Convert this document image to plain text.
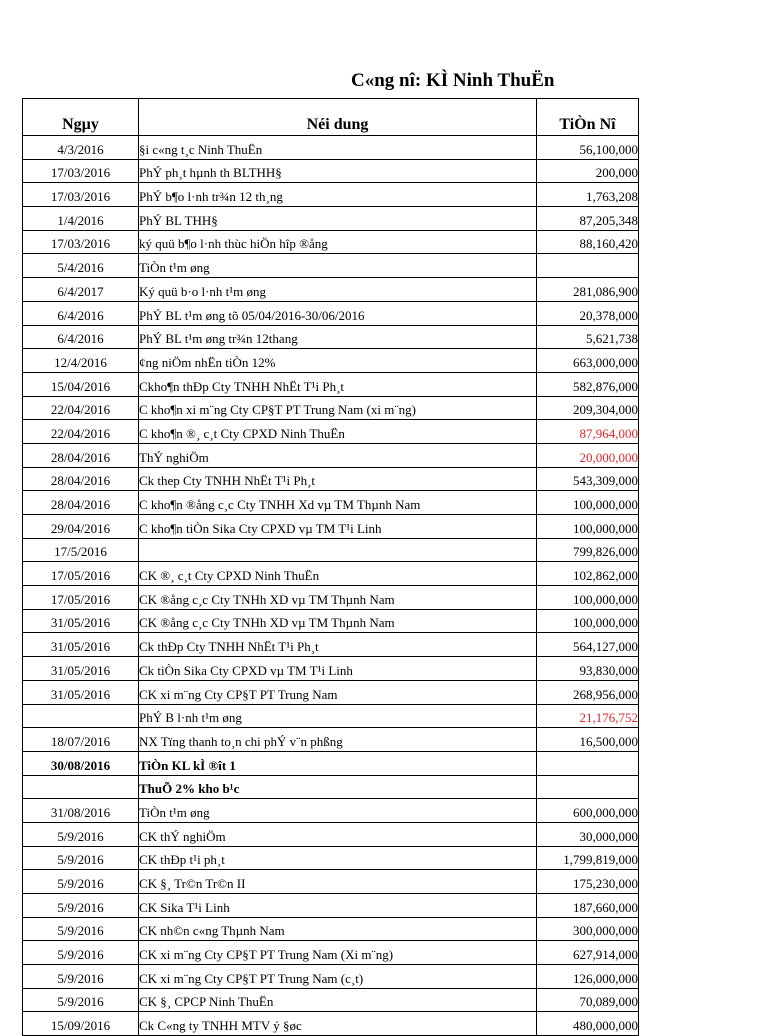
C«ng nî: KÌ Ninh ThuËn
Ngµy	Néi dung	TiÒn Nî
4/3/2016	§i c«ng t¸c Ninh ThuËn	56,100,000
17/03/2016	PhÝ ph¸t hµnh th BLTHH§	200,000
17/03/2016	PhÝ b¶o l·nh tr¾n 12 th¸ng	1,763,208
1/4/2016	PhÝ BL THH§	87,205,348
17/03/2016	ký quü b¶o l·nh thùc hiÖn hîp ®ång	88,160,420
5/4/2016	TiÒn t¹m øng	
6/4/2017	Ký quü b·o l·nh t¹m øng	281,086,900
6/4/2016	PhÝ BL t¹m øng tõ 05/04/2016-30/06/2016	20,378,000
6/4/2016	PhÝ BL t¹m øng tr¾n 12thang	5,621,738
12/4/2016	¢ng niÖm nhËn tiÒn 12%	663,000,000
15/04/2016	Ckho¶n thÐp Cty TNHH NhËt T¹i Ph¸t	582,876,000
22/04/2016	C kho¶n xi m¨ng Cty CP§T PT Trung Nam (xi m¨ng)	209,304,000
22/04/2016	C kho¶n ®¸ c¸t Cty CPXD Ninh ThuËn	87,964,000
28/04/2016	ThÝ nghiÖm	20,000,000
28/04/2016	Ck thep Cty TNHH NhËt T¹i Ph¸t	543,309,000
28/04/2016	C kho¶n ®ång c¸c Cty TNHH Xd vµ TM Thµnh Nam	100,000,000
29/04/2016	C kho¶n tiÒn Sika Cty CPXD vµ TM T¹i Linh	100,000,000
17/5/2016		799,826,000
17/05/2016	CK ®¸ c¸t Cty CPXD Ninh ThuËn	102,862,000
17/05/2016	CK ®ång c¸c Cty TNHh XD vµ TM Thµnh Nam	100,000,000
31/05/2016	CK ®ång c¸c Cty TNHh XD vµ TM Thµnh Nam	100,000,000
31/05/2016	Ck thÐp Cty TNHH NhËt T¹i Ph¸t	564,127,000
31/05/2016	Ck tiÒn Sika Cty CPXD vµ TM T¹i Linh	93,830,000
31/05/2016	CK xi m¨ng Cty CP§T PT Trung Nam	268,956,000
	PhÝ B l·nh t¹m øng	21,176,752
18/07/2016	NX Tïng thanh to¸n chi phÝ v¨n phßng	16,500,000
30/08/2016	TiÒn KL kÌ ®ît 1	
	ThuÕ 2% kho b¹c	
31/08/2016	TiÒn t¹m øng	600,000,000
5/9/2016	CK thÝ nghiÖm	30,000,000
5/9/2016	CK thÐp t¹i ph¸t	1,799,819,000
5/9/2016	CK §¸ Tr©n Tr©n II	175,230,000
5/9/2016	CK Sika T¹i Linh	187,660,000
5/9/2016	CK nh©n c«ng Thµnh Nam	300,000,000
5/9/2016	CK xi m¨ng Cty CP§T PT Trung Nam (Xi m¨ng)	627,914,000
5/9/2016	CK xi m¨ng Cty CP§T PT Trung Nam (c¸t)	126,000,000
5/9/2016	CK §¸ CPCP Ninh ThuËn	70,089,000
15/09/2016	Ck C«ng ty TNHH MTV ý §øc	480,000,000
